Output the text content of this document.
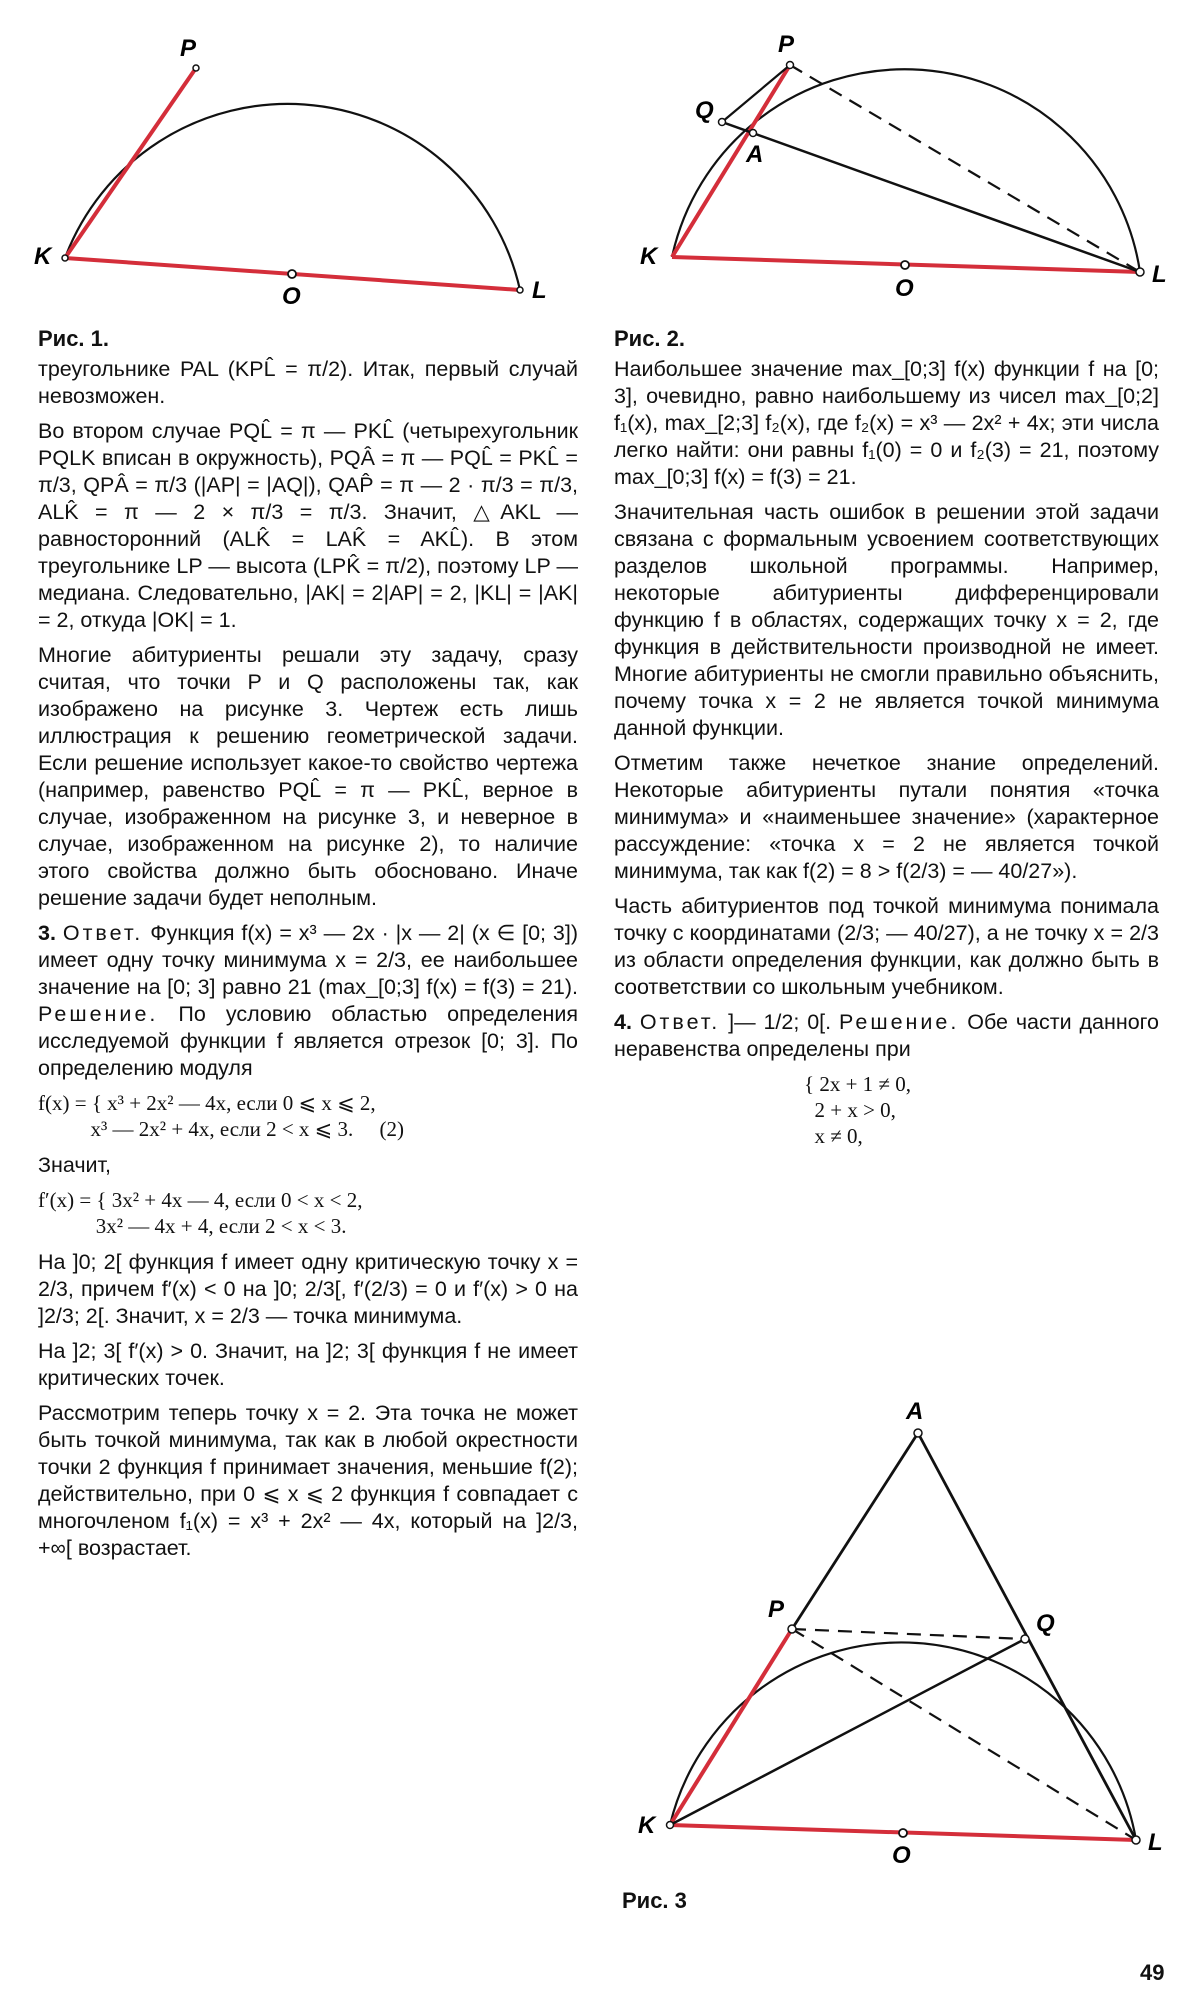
P
K
O	L
Рис. 1.
P
Q
A
K
O
L
Рис. 2.

треугольнике PAL (KPL̂ = π/2). Итак, первый случай невозможен.

Во втором случае PQL̂ = π — PKL̂ (четырехугольник PQLK вписан в окружность), PQÂ = π — PQL̂ = PKL̂ = π/3, QPÂ = π/3 (|AP| = |AQ|), QAP̂ = π — 2 · π/3 = π/3, ALK̂ = π — 2 × π/3 = π/3. Значит, △AKL — равносторонний (ALK̂ = LAK̂ = AKL̂). В этом треугольнике LP — высота (LPK̂ = π/2), поэтому LP — медиана. Следовательно, |AK| = 2|AP| = 2, |KL| = |AK| = 2, откуда |OK| = 1.

Многие абитуриенты решали эту задачу, сразу считая, что точки P и Q расположены так, как изображено на рисунке 3. Чертеж есть лишь иллюстрация к решению геометрической задачи. Если решение использует какое-то свойство чертежа (например, равенство PQL̂ = π — PKL̂, верное в случае, изображенном на рисунке 3, и неверное в случае, изображенном на рисунке 2), то наличие этого свойства должно быть обосновано. Иначе решение задачи будет неполным.

3. Ответ. Функция f(x) = x³ — 2x · |x — 2| (x ∈ [0; 3]) имеет одну точку минимума x = 2/3, ее наибольшее значение на [0; 3] равно 21 (max_[0;3] f(x) = f(3) = 21). Решение. По условию областью определения исследуемой функции f является отрезок [0; 3]. По определению модуля

f(x) = { x³ + 2x² — 4x, если 0 ⩽ x ⩽ 2,
x³ — 2x² + 4x, если 2 < x ⩽ 3.     (2)

Значит,

f′(x) = { 3x² + 4x — 4, если 0 < x < 2,
3x² — 4x + 4, если 2 < x < 3.

На ]0; 2[ функция f имеет одну критическую точку x = 2/3, причем f′(x) < 0 на ]0; 2/3[, f′(2/3) = 0 и f′(x) > 0 на ]2/3; 2[. Значит, x = 2/3 — точка минимума.

На ]2; 3[ f′(x) > 0. Значит, на ]2; 3[ функция f не имеет критических точек.

Рассмотрим теперь точку x = 2. Эта точка не может быть точкой минимума, так как в любой окрестности точки 2 функция f принимает значения, меньшие f(2); действительно, при 0 ⩽ x ⩽ 2 функция f совпадает с многочленом f₁(x) = x³ + 2x² — 4x, который на ]2/3, +∞[ возрастает.

Наибольшее значение max_[0;3] f(x) функции f на [0; 3], очевидно, равно наибольшему из чисел max_[0;2] f₁(x), max_[2;3] f₂(x), где f₂(x) = x³ — 2x² + 4x; эти числа легко найти: они равны f₁(0) = 0 и f₂(3) = 21, поэтому max_[0;3] f(x) = f(3) = 21.

Значительная часть ошибок в решении этой задачи связана с формальным усвоением соответствующих разделов школьной программы. Например, некоторые абитуриенты дифференцировали функцию f в областях, содержащих точку x = 2, где функция в действительности производной не имеет. Многие абитуриенты не смогли правильно объяснить, почему точка x = 2 не является точкой минимума данной функции.

Отметим также нечеткое знание определений. Некоторые абитуриенты путали понятия «точка минимума» и «наименьшее значение» (характерное рассуждение: «точка x = 2 не является точкой минимума, так как f(2) = 8 > f(2/3) = — 40/27»).

Часть абитуриентов под точкой минимума понимала точку с координатами (2/3; — 40/27), а не точку x = 2/3 из области определения функции, как должно быть в соответствии со школьным учебником.

4. Ответ. ]— 1/2; 0[. Решение. Обе части данного неравенства определены при

{ 2x + 1 ≠ 0,
2 + x > 0,
x ≠ 0,
A
P
Q
K
O	L
Рис. 3
49
